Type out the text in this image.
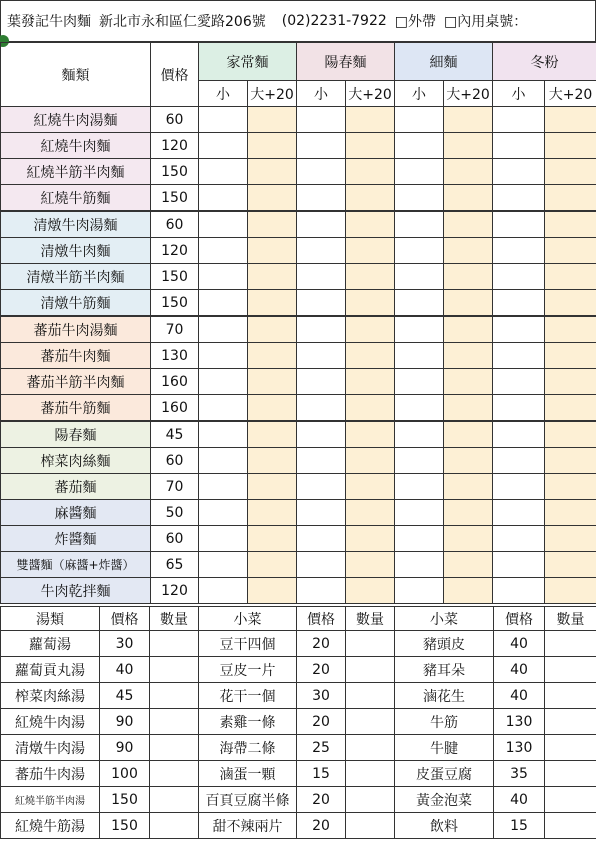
葉發記牛肉麵 新北市永和區仁愛路206號 (02)2231-7922 □外帶 □內用桌號：
麵類	價格	家常麵		陽春麵		細麵		冬粉	
		小	大+20	小	大+20	小	大+20	小	大+20
紅燒牛肉湯麵	60								
紅燒牛肉麵	120								
紅燒半筋半肉麵	150								
紅燒牛筋麵	150								
清燉牛肉湯麵	60								
清燉牛肉麵	120								
清燉半筋半肉麵	150								
清燉牛筋麵	150								
蕃茄牛肉湯麵	70								
蕃茄牛肉麵	130								
蕃茄半筋半肉麵	160								
蕃茄牛筋麵	160								
陽春麵	45								
榨菜肉絲麵	60								
蕃茄麵	70								
麻醬麵	50								
炸醬麵	60								
雙醬麵（麻醬+炸醬）	65								
牛肉乾拌麵	120								
湯類	價格	數量	小菜	價格	數量	小菜	價格	數量
蘿蔔湯	30		豆干四個	20		豬頭皮	40	
蘿蔔貢丸湯	40		豆皮一片	20		豬耳朵	40	
榨菜肉絲湯	45		花干一個	30		滷花生	40	
紅燒牛肉湯	90		素雞一條	20		牛筋	130	
清燉牛肉湯	90		海帶二條	25		牛腱	130	
蕃茄牛肉湯	100		滷蛋一顆	15		皮蛋豆腐	35	
紅燒半筋半肉湯	150		百頁豆腐半條	20		黃金泡菜	40	
紅燒牛筋湯	150		甜不辣兩片	20		飲料	15	
